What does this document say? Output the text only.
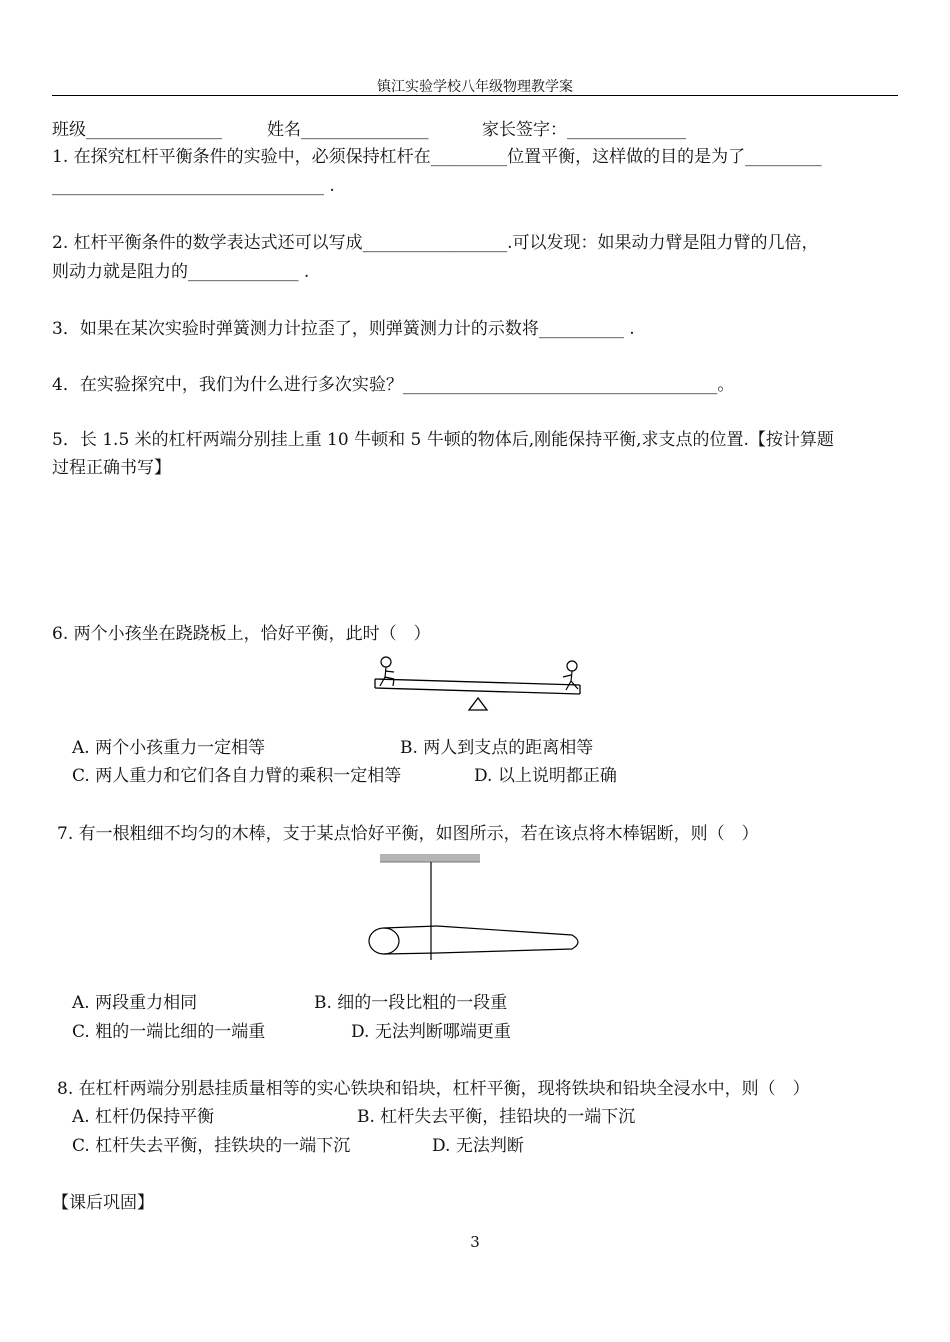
镇江实验学校八年级物理教学案
班级________________	姓名_______________	家长签字：______________
1. 在探究杠杆平衡条件的实验中，必须保持杠杆在_________位置平衡，这样做的目的是为了_________
________________________________ .
2. 杠杆平衡条件的数学表达式还可以写成_________________.可以发现：如果动力臂是阻力臂的几倍，
则动力就是阻力的_____________ .
3．如果在某次实验时弹簧测力计拉歪了，则弹簧测力计的示数将__________ .
4．在实验探究中，我们为什么进行多次实验？_____________________________________。
5．长 1.5 米的杠杆两端分别挂上重 10 牛顿和 5 牛顿的物体后,刚能保持平衡,求支点的位置.【按计算题
过程正确书写】
6. 两个小孩坐在跷跷板上，恰好平衡，此时（　）
A. 两个小孩重力一定相等	B. 两人到支点的距离相等
C. 两人重力和它们各自力臂的乘积一定相等	D. 以上说明都正确
7. 有一根粗细不均匀的木棒，支于某点恰好平衡，如图所示，若在该点将木棒锯断，则（　）
A. 两段重力相同	B. 细的一段比粗的一段重
C. 粗的一端比细的一端重	D. 无法判断哪端更重
8. 在杠杆两端分别悬挂质量相等的实心铁块和铅块，杠杆平衡，现将铁块和铅块全浸水中，则（　）
A. 杠杆仍保持平衡	B. 杠杆失去平衡，挂铅块的一端下沉
C. 杠杆失去平衡，挂铁块的一端下沉	D. 无法判断
【课后巩固】
3
